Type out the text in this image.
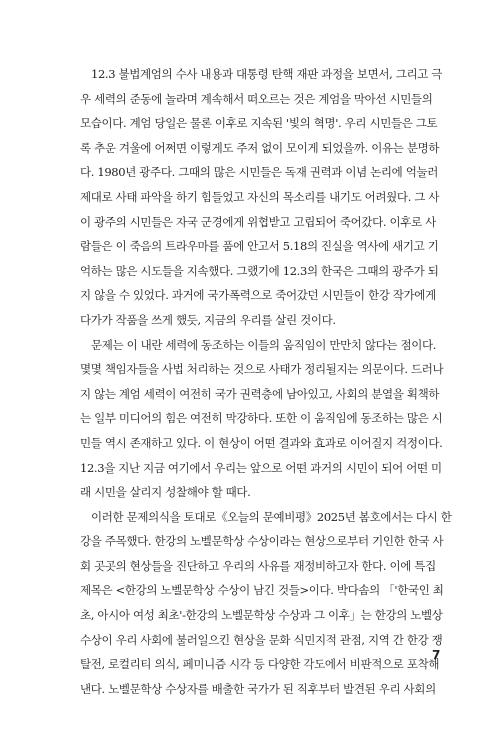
12.3 불법계엄의 수사 내용과 대통령 탄핵 재판 과정을 보면서, 그리고 극
우 세력의 준동에 놀라며 계속해서 떠오르는 것은 계엄을 막아선 시민들의
모습이다. 계엄 당일은 물론 이후로 지속된 '빛의 혁명'. 우리 시민들은 그토
록 추운 겨울에 어쩌면 이렇게도 주저 없이 모이게 되었을까. 이유는 분명하
다. 1980년 광주다. 그때의 많은 시민들은 독재 권력과 이념 논리에 억눌러
제대로 사태 파악을 하기 힘들었고 자신의 목소리를 내기도 어려웠다. 그 사
이 광주의 시민들은 자국 군경에게 위협받고 고립되어 죽어갔다. 이후로 사
람들은 이 죽음의 트라우마를 품에 안고서 5.18의 진실을 역사에 새기고 기
억하는 많은 시도들을 지속했다. 그랬기에 12.3의 한국은 그때의 광주가 되
지 않을 수 있었다. 과거에 국가폭력으로 죽어갔던 시민들이 한강 작가에게
다가가 작품을 쓰게 했듯, 지금의 우리를 살린 것이다.
문제는 이 내란 세력에 동조하는 이들의 움직임이 만만치 않다는 점이다.
몇몇 책임자들을 사법 처리하는 것으로 사태가 정리될지는 의문이다. 드러나
지 않는 계엄 세력이 여전히 국가 권력층에 남아있고, 사회의 분열을 획책하
는 일부 미디어의 힘은 여전히 막강하다. 또한 이 움직임에 동조하는 많은 시
민들 역시 존재하고 있다. 이 현상이 어떤 결과와 효과로 이어질지 걱정이다.
12.3을 지난 지금 여기에서 우리는 앞으로 어떤 과거의 시민이 되어 어떤 미
래 시민을 살리지 성찰해야 할 때다.
이러한 문제의식을 토대로《오늘의 문예비평》2025년 봄호에서는 다시 한
강을 주목했다. 한강의 노벨문학상 수상이라는 현상으로부터 기인한 한국 사
회 곳곳의 현상들을 진단하고 우리의 사유를 재정비하고자 한다. 이에 특집
제목은 <한강의 노벨문학상 수상이 남긴 것들>이다. 박다솜의 「'한국인 최
초, 아시아 여성 최초'-한강의 노벨문학상 수상과 그 이후」는 한강의 노벨상
수상이 우리 사회에 불러일으킨 현상을 문화 식민지적 관점, 지역 간 한강 쟁
탈전, 로컬리티 의식, 페미니즘 시각 등 다양한 각도에서 비판적으로 포착해
낸다. 노벨문학상 수상자를 배출한 국가가 된 직후부터 발견된 우리 사회의
7
